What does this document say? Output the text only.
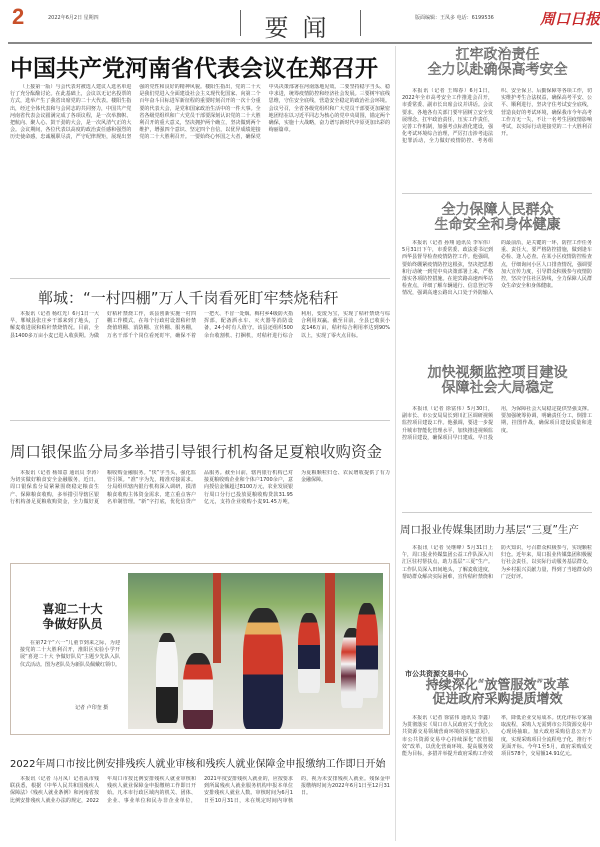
2	2022年6月2日 星期四	要闻	版面编辑：王凤多 电话：6199536	周口日报
中国共产党河南省代表会议在郑召开
（上接第一版）与会代表对被选人建议人选名单进行了充分酝酿讨论。在此基础上，会议以无记名投票的方式，选举产生了我省出席党的二十大代表。楼阳生指出，经过全体代表和与会同志的共同努力，中国共产党河南省代表会议圆满完成了各项议程，是一次举旗帜、把航向、聚人心、鼓干劲的大会，是一次风清气正的大会。会议期间，各位代表以高度的政治责任感和强烈的历史使命感，忠诚履职尽责，严守纪律规矩，展现出坚强的党性和良好的精神风貌。楼阳生指出，党的二十大是我们党进入全面建设社会主义现代化国家、向第二个百年奋斗目标进军新征程的重要时刻召开的一次十分重要的代表大会，是党和国家政治生活中的一件大事。全省各级党组织和广大党员干部要深刻认识党的二十大胜利召开的重大意义，坚决拥护两个确立，坚决做到两个维护，增强四个意识、坚定四个自信，以优异成绩迎接党的二十大胜利召开。一要始终心怀国之大者，确保党中央决策部署在河南落地见效。二要坚持稳字当头、稳中求进，统筹疫情防控和经济社会发展。三要树牢底线思维，守住安全底线，营造安全稳定的政治社会环境。会议号召，全省各级党组织和广大党员干部要更加紧密地团结在以习近平同志为核心的党中央周围，锚定两个确保，实施十大战略，奋力谱写新时代中原更加出彩的绚丽篇章。
扛牢政治责任
全力以赴确保高考安全
本报讯（记者 王锦春）6月1日，2022年全市高考安全工作推进会召开，市委常委、副市长出席会议并讲话。会议要求，各地各有关部门要牢固树立安全发展理念，扛牢政治责任，压实工作责任，完善工作机制，加强考点标准化建设，强化考试环境综合治理，严厉打击涉考违法犯罪活动，全力做好疫情防控、考务组织、安全保卫、后勤保障等各项工作，切实维护考生合法权益，确保高考平安、公平、顺利进行，坚决守住考试安全底线，营造良好的考试环境，确保我市今年高考工作万无一失，不让一名考生因疫情影响考试，以实际行动迎接党的二十大胜利召开。
全力保障人民群众
生命安全和身体健康
本报讯（记者 孙翔 通讯员 李军伟）5月31日下午，市委常委、政法委书记到西华县督导检查疫情防控工作。他强调，要始终绷紧疫情防控这根弦，坚决把思想和行动统一到党中央决策部署上来，严格落实各项防控措施。在迎宾路高速西华站检查点，详细了解车辆通行、信息登记等情况，强调高速公路出入口处于外防输入的最前沿，是关键的一环，防控工作任务重、责任大，要严格防控措施，做到逢车必检、逢人必查。在某小区疫情防控检查点，仔细询问小区人口排查情况，强调要加大宣传力度，引导群众积极参与疫情防控，坚决守住社区防线，全力保障人民群众生命安全和身体健康。
加快视频监控项目建设
保障社会大局稳定
本报讯（记者 徐富伟）5月30日，副市长、市公安局局长到川汇区调研视频监控项目建设工作。他强调，要进一步提升城市智能化管理水平，加快推进视频监控项目建设，确保项目早日建成、早日投用，为保障社会大局稳定提供坚强支撑。要加强统筹协调，明确责任分工，倒排工期，挂图作战，确保项目建设质量和进度。
郸城：“一村四棚”万人千岗看死盯牢禁烧秸秆
本报讯（记者 杨红光）6月1日一大早，郸城县张庄乡干部来到了地头，了解麦收进展和秸秆禁烧情况。目前，全县1400多万亩小麦已进入收获期。为做好秸秆禁烧工作，该县创新实施一村四棚工作模式，在每个行政村设置秸秆禁烧值班棚、消防棚、宣传棚、服务棚，万名干部千个岗位看死盯牢，确保不着一把火、不冒一处烟。梅村乡4级防火指挥部，配备洒水车、灭火器等消防设备，24小时有人值守。该县还组织500余台收割机、打捆机，对秸秆进行综合利用，变废为宝，实现了秸秆禁烧与综合利用双赢。截至目前，全县已收获小麦146万亩，秸秆综合利用率达到90%以上，实现了零火点目标。
周口银保监分局多举措引导银行机构备足夏粮收购资金
本报讯（记者 杨如意 通讯员 李涛）为切实做好粮食安全金融服务，近日，周口银保监分局紧紧围绕稳定粮食生产、保障粮食收购，多举措引导辖区银行机构备足夏粮收购资金，全力做好夏粮收购金融服务。“快”字当头，强化监管引领。“准”字为先，精准对接需求。分局组织辖内银行机构深入调研，摸清粮食收购主体资金需求，建立重点客户名单制管理。“新”字打底，优化信贷产品服务。截至目前，辖内银行机构已对接夏粮收购企业和个体户1700余户，意向授信金额超过8100万元，农业发展银行周口分行已投放夏粮收购贷款31.95亿元，支持企业收购小麦91.45万吨，为夏粮颗粒归仓、农民增收提供了有力金融保障。
喜迎二十大
争做好队员
在第72个“六一”儿童节到来之际，为迎接党的二十大胜利召开，淮阳区实验小学开展“喜迎二十大 争做好队员”主题少先队入队仪式活动。图为老队员为新队员佩戴红领巾。
记者 卢印奎 摄
周口报业传媒集团助力基层“三夏”生产
本报讯（记者 吴继峰）5月31日上午，周口报业传媒集团公益工作队深入川汇区驻村帮扶点，助力基层“三夏”生产。工作队员深入田间地头，了解麦收进度，帮助群众解决实际困难，宣传秸秆禁烧和防火知识，号召群众积极参与，实现颗粒归仓。近年来，周口报业传媒集团积极履行社会责任，以实际行动服务基层群众，为乡村振兴贡献力量，得到了当地群众的广泛好评。
市公共资源交易中心
持续深化“放管服效”改革
促进政府采购提质增效
本报讯（记者 徐富伟 通讯员 李鑫）为贯彻落实《周口市人民政府关于优化公共资源交易领域营商环境的实施意见》，市公共资源交易中心持续深化“放管服效”改革，以优化营商环境、提高服务效能为目标，多措并举提升政府采购工作效率，降低企业交易成本。优化评标专家抽取流程，采购人无需到市公共资源交易中心现场抽取。加大政府采购信息公开力度，实现采购项目全流程电子化，推行不见面开标。今年1至5月，政府采购成交项目578个，交易额14.91亿元。
2022年周口市按比例安排残疾人就业审核和残疾人就业保障金申报缴纳工作即日开始
本报讯（记者 马月凤）记者从市残联获悉，根据《中华人民共和国残疾人保障法》《残疾人就业条例》和河南省按比例安排残疾人就业办法的规定，2022年周口市按比例安排残疾人就业审核和残疾人就业保障金申报缴纳工作即日开始。凡本市行政区域内的机关、团体、企业、事业单位和民办非企业单位，2021年度安排残疾人就业的，应按要求到所属残疾人就业服务机构申报本单位安排残疾人就业人数。审核时间为6月1日至10月31日，未在规定时间内审核的，视为未安排残疾人就业。残保金申报缴纳时间为2022年6月1日至12月31日。
